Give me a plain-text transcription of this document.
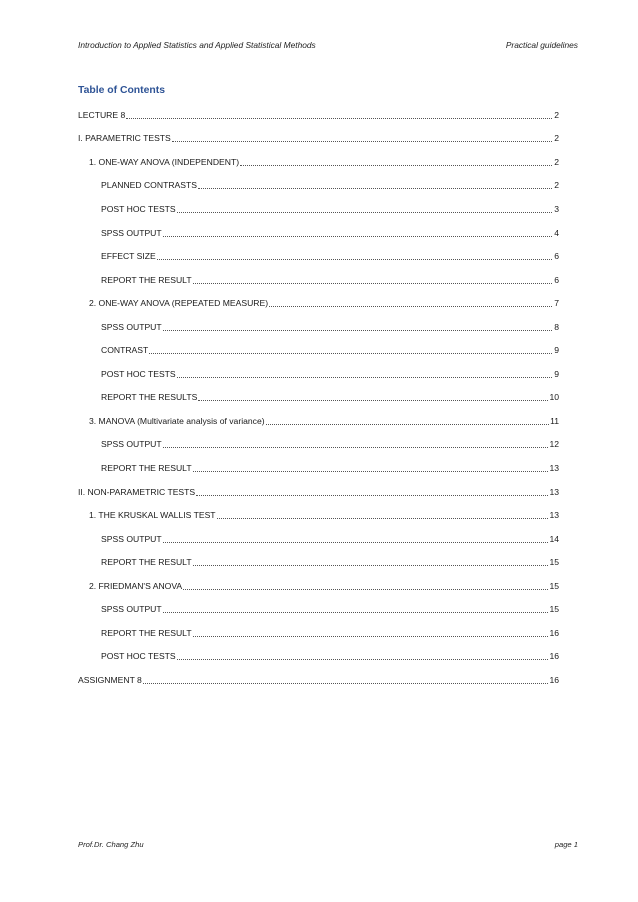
Introduction to Applied Statistics and Applied Statistical Methods	Practical guidelines
Table of Contents
LECTURE 8	2
I. PARAMETRIC TESTS	2
1. ONE-WAY ANOVA (INDEPENDENT)	2
PLANNED CONTRASTS	2
POST HOC TESTS	3
SPSS OUTPUT	4
EFFECT SIZE	6
REPORT THE RESULT	6
2. ONE-WAY ANOVA (REPEATED MEASURE)	7
SPSS OUTPUT	8
CONTRAST	9
POST HOC TESTS	9
REPORT THE RESULTS	10
3. MANOVA (Multivariate analysis of variance)	11
SPSS OUTPUT	12
REPORT THE RESULT	13
II. NON-PARAMETRIC TESTS	13
1. THE KRUSKAL WALLIS TEST	13
SPSS OUTPUT	14
REPORT THE RESULT	15
2. FRIEDMAN'S ANOVA	15
SPSS OUTPUT	15
REPORT THE RESULT	16
POST HOC TESTS	16
ASSIGNMENT 8	16
Prof.Dr. Chang Zhu	page 1
